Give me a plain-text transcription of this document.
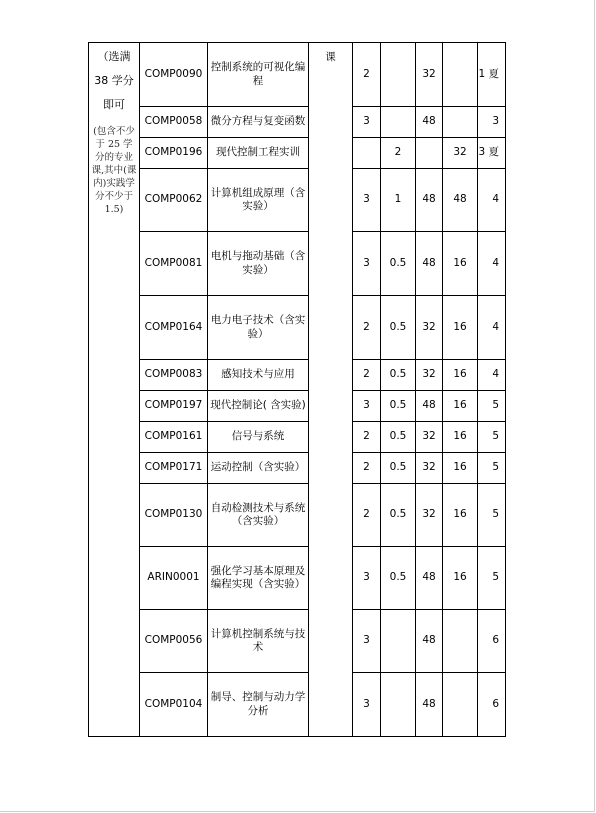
（选满 38 学分即可
(包含不少于 25 学分的专业课,其中(课内)实践学分不少于 1.5)	COMP0090	控制系统的可视化编程	课	2		32		1 夏
	COMP0058	微分方程与复变函数		3		48		3
	COMP0196	现代控制工程实训			2		32	3 夏
	COMP0062	计算机组成原理（含实验）		3	1	48	48	4
	COMP0081	电机与拖动基础（含实验）		3	0.5	48	16	4
	COMP0164	电力电子技术（含实验）		2	0.5	32	16	4
	COMP0083	感知技术与应用		2	0.5	32	16	4
	COMP0197	现代控制论( 含实验)		3	0.5	48	16	5
	COMP0161	信号与系统		2	0.5	32	16	5
	COMP0171	运动控制（含实验）		2	0.5	32	16	5
	COMP0130	自动检测技术与系统（含实验）		2	0.5	32	16	5
	ARIN0001	强化学习基本原理及编程实现（含实验）		3	0.5	48	16	5
	COMP0056	计算机控制系统与技术		3		48		6
	COMP0104	制导、控制与动力学分析		3		48		6
